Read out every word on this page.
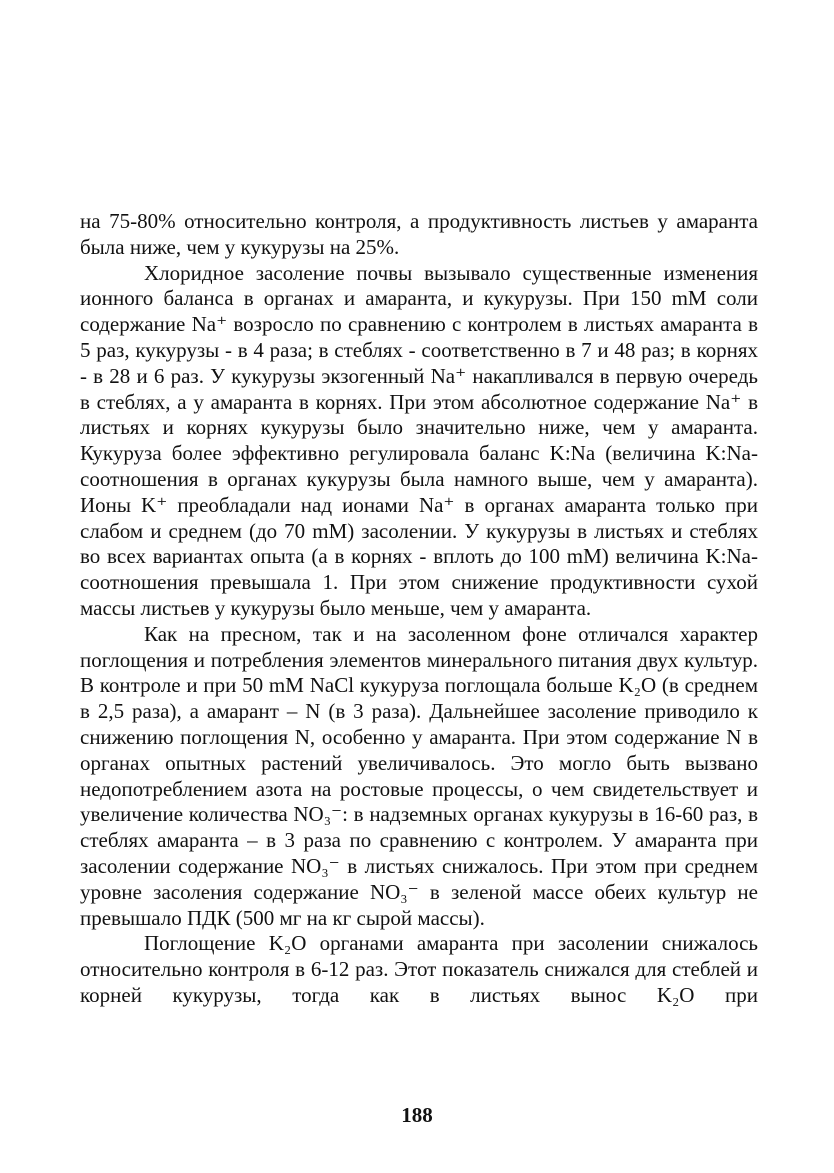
на 75-80% относительно контроля, а продуктивность листьев у амаранта была ниже, чем у кукурузы на 25%.

Хлоридное засоление почвы вызывало существенные изменения ионного баланса в органах и амаранта, и кукурузы. При 150 mM соли содержание Na⁺ возросло по сравнению с контролем в листьях амаранта в 5 раз, кукурузы - в 4 раза; в стеблях - соответственно в 7 и 48 раз; в корнях - в 28 и 6 раз. У кукурузы экзогенный Na⁺ накапливался в первую очередь в стеблях, а у амаранта в корнях. При этом абсолютное содержание Na⁺ в листьях и корнях кукурузы было значительно ниже, чем у амаранта. Кукуруза более эффективно регулировала баланс K:Na (величина K:Na-соотношения в органах кукурузы была намного выше, чем у амаранта). Ионы K⁺ преобладали над ионами Na⁺ в органах амаранта только при слабом и среднем (до 70 mM) засолении. У кукурузы в листьях и стеблях во всех вариантах опыта (а в корнях - вплоть до 100 mM) величина K:Na-соотношения превышала 1. При этом снижение продуктивности сухой массы листьев у кукурузы было меньше, чем у амаранта.

Как на пресном, так и на засоленном фоне отличался характер поглощения и потребления элементов минерального питания двух культур. В контроле и при 50 mM NaCl кукуруза поглощала больше K₂O (в среднем в 2,5 раза), а амарант – N (в 3 раза). Дальнейшее засоление приводило к снижению поглощения N, особенно у амаранта. При этом содержание N в органах опытных растений увеличивалось. Это могло быть вызвано недопотреблением азота на ростовые процессы, о чем свидетельствует и увеличение количества NO₃⁻: в надземных органах кукурузы в 16-60 раз, в стеблях амаранта – в 3 раза по сравнению с контролем. У амаранта при засолении содержание NO₃⁻ в листьях снижалось. При этом при среднем уровне засоления содержание NO₃⁻ в зеленой массе обеих культур не превышало ПДК (500 мг на кг сырой массы).

Поглощение K₂O органами амаранта при засолении снижалось относительно контроля в 6-12 раз. Этот показатель снижался для стеблей и корней кукурузы, тогда как в листьях вынос K₂O при

188
